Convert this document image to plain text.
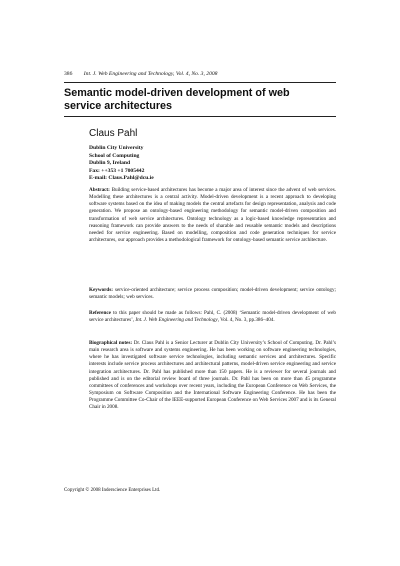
386 Int. J. Web Engineering and Technology, Vol. 4, No. 3, 2008
Semantic model-driven development of web service architectures
Claus Pahl
Dublin City University
School of Computing
Dublin 9, Ireland
Fax: ++353 +1 7005442
E-mail: Claus.Pahl@dcu.ie
Abstract: Building service-based architectures has become a major area of interest since the advent of web services. Modelling these architectures is a central activity. Model-driven development is a recent approach to developing software systems based on the idea of making models the central artefacts for design representation, analysis and code generation. We propose an ontology-based engineering methodology for semantic model-driven composition and transformation of web service architectures. Ontology technology as a logic-based knowledge representation and reasoning framework can provide answers to the needs of sharable and reusable semantic models and descriptions needed for service engineering. Based on modelling, composition and code generation techniques for service architectures, our approach provides a methodological framework for ontology-based semantic service architecture.
Keywords: service-oriented architecture; service process composition; model-driven development; service ontology; semantic models; web services.
Reference to this paper should be made as follows: Pahl, C. (2008) ‘Semantic model-driven development of web service architectures’, Int. J. Web Engineering and Technology, Vol. 4, No. 3, pp.386–404.
Biographical notes: Dr. Claus Pahl is a Senior Lecturer at Dublin City University’s School of Computing. Dr. Pahl’s main research area is software and systems engineering. He has been working on software engineering technologies, where he has investigated software service technologies, including semantic services and architectures. Specific interests include service process architectures and architectural patterns, model-driven service engineering and service integration architectures. Dr. Pahl has published more than 150 papers. He is a reviewer for several journals and published and is on the editorial review board of three journals. Dr. Pahl has been on more than 45 programme committees of conferences and workshops over recent years, including the European Conference on Web Services, the Symposium on Software Composition and the International Software Engineering Conference. He has been the Programme Committee Co-Chair of the IEEE-supported European Conference on Web Services 2007 and is its General Chair in 2008.
Copyright © 2008 Inderscience Enterprises Ltd.
